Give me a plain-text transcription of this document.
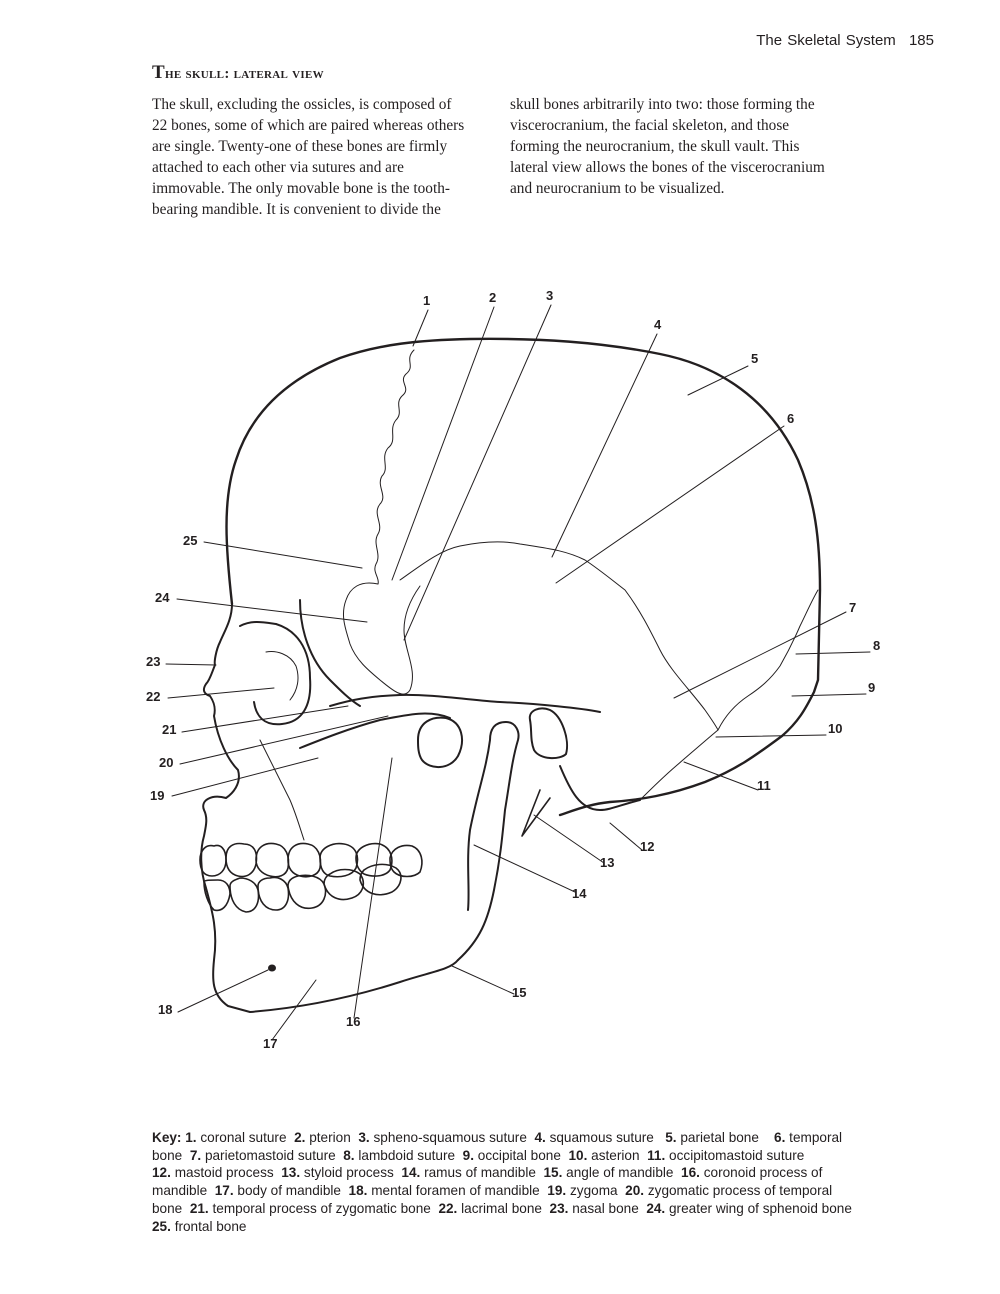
The Skeletal System 185
The skull: lateral view

The skull, excluding the ossicles, is composed of
22 bones, some of which are paired whereas others
are single. Twenty-one of these bones are firmly
attached to each other via sutures and are
immovable. The only movable bone is the tooth-
bearing mandible. It is convenient to divide the

skull bones arbitrarily into two: those forming the
viscerocranium, the facial skeleton, and those
forming the neurocranium, the skull vault. This
lateral view allows the bones of the viscerocranium
and neurocranium to be visualized.

1	2	3
4
5
6
7
8
9
10
11
12
13
14
15
16
17
18
19
20
21
22
23
24
25
Key: 1. coronal suture 2. pterion 3. spheno-squamous suture 4. squamous suture 5. parietal bone 6. temporal
bone 7. parietomastoid suture 8. lambdoid suture 9. occipital bone 10. asterion 11. occipitomastoid suture
12. mastoid process 13. styloid process 14. ramus of mandible 15. angle of mandible 16. coronoid process of
mandible 17. body of mandible 18. mental foramen of mandible 19. zygoma 20. zygomatic process of temporal
bone 21. temporal process of zygomatic bone 22. lacrimal bone 23. nasal bone 24. greater wing of sphenoid bone
25. frontal bone
